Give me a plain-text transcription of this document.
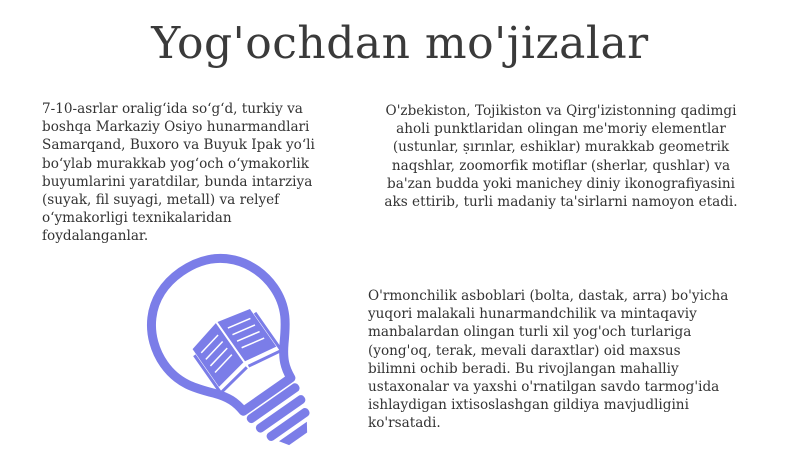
Yog'ochdan mo'jizalar
7-10-asrlar oralig‘ida so‘g‘d, turkiy va
boshqa Markaziy Osiyo hunarmandlari
Samarqand, Buxoro va Buyuk Ipak yo‘li
bo‘ylab murakkab yog‘och o‘ymakorlik
buyumlarini yaratdilar, bunda intarziya
(suyak, fil suyagi, metall) va relyef
o‘ymakorligi texnikalaridan
foydalanganlar.
O'zbekiston, Tojikiston va Qirg'izistonning qadimgi
aholi punktlaridan olingan me'moriy elementlar
(ustunlar, ṣırınlar, eshiklar) murakkab geometrik
naqshlar, zoomorfik motiflar (sherlar, qushlar) va
ba'zan budda yoki manichey diniy ikonografiyasini
aks ettirib, turli madaniy ta'sirlarni namoyon etadi.
O'rmonchilik asboblari (bolta, dastak, arra) bo'yicha
yuqori malakali hunarmandchilik va mintaqaviy
manbalardan olingan turli xil yog'och turlariga
(yong'oq, terak, mevali daraxtlar) oid maxsus
bilimni ochib beradi. Bu rivojlangan mahalliy
ustaxonalar va yaxshi o'rnatilgan savdo tarmog'ida
ishlaydigan ixtisoslashgan gildiya mavjudligini
ko'rsatadi.
